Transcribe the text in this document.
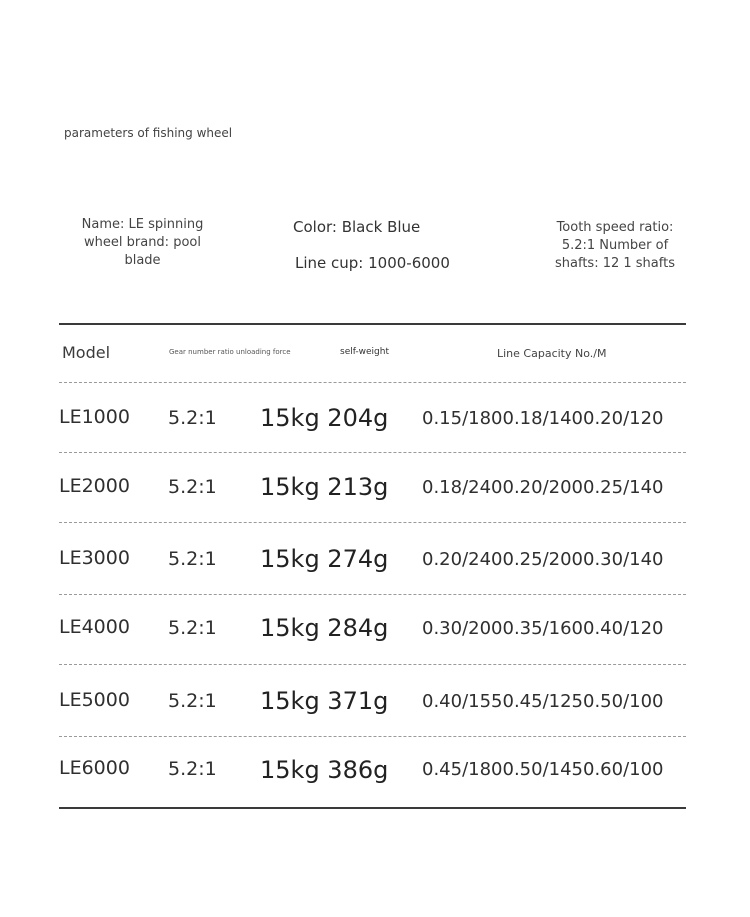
parameters of fishing wheel
Name: LE spinning wheel brand: pool blade
Color: Black Blue
Line cup: 1000-6000
Tooth speed ratio: 5.2:1 Number of shafts: 12 1 shafts
Model	Gear number ratio unloading force	self-weight	Line Capacity No./M
LE1000 5.2:1 15kg 204g 0.15/1800.18/1400.20/120
LE2000 5.2:1 15kg 213g 0.18/2400.20/2000.25/140
LE3000 5.2:1 15kg 274g 0.20/2400.25/2000.30/140
LE4000 5.2:1 15kg 284g 0.30/2000.35/1600.40/120
LE5000 5.2:1 15kg 371g 0.40/1550.45/1250.50/100
LE6000 5.2:1 15kg 386g 0.45/1800.50/1450.60/100
